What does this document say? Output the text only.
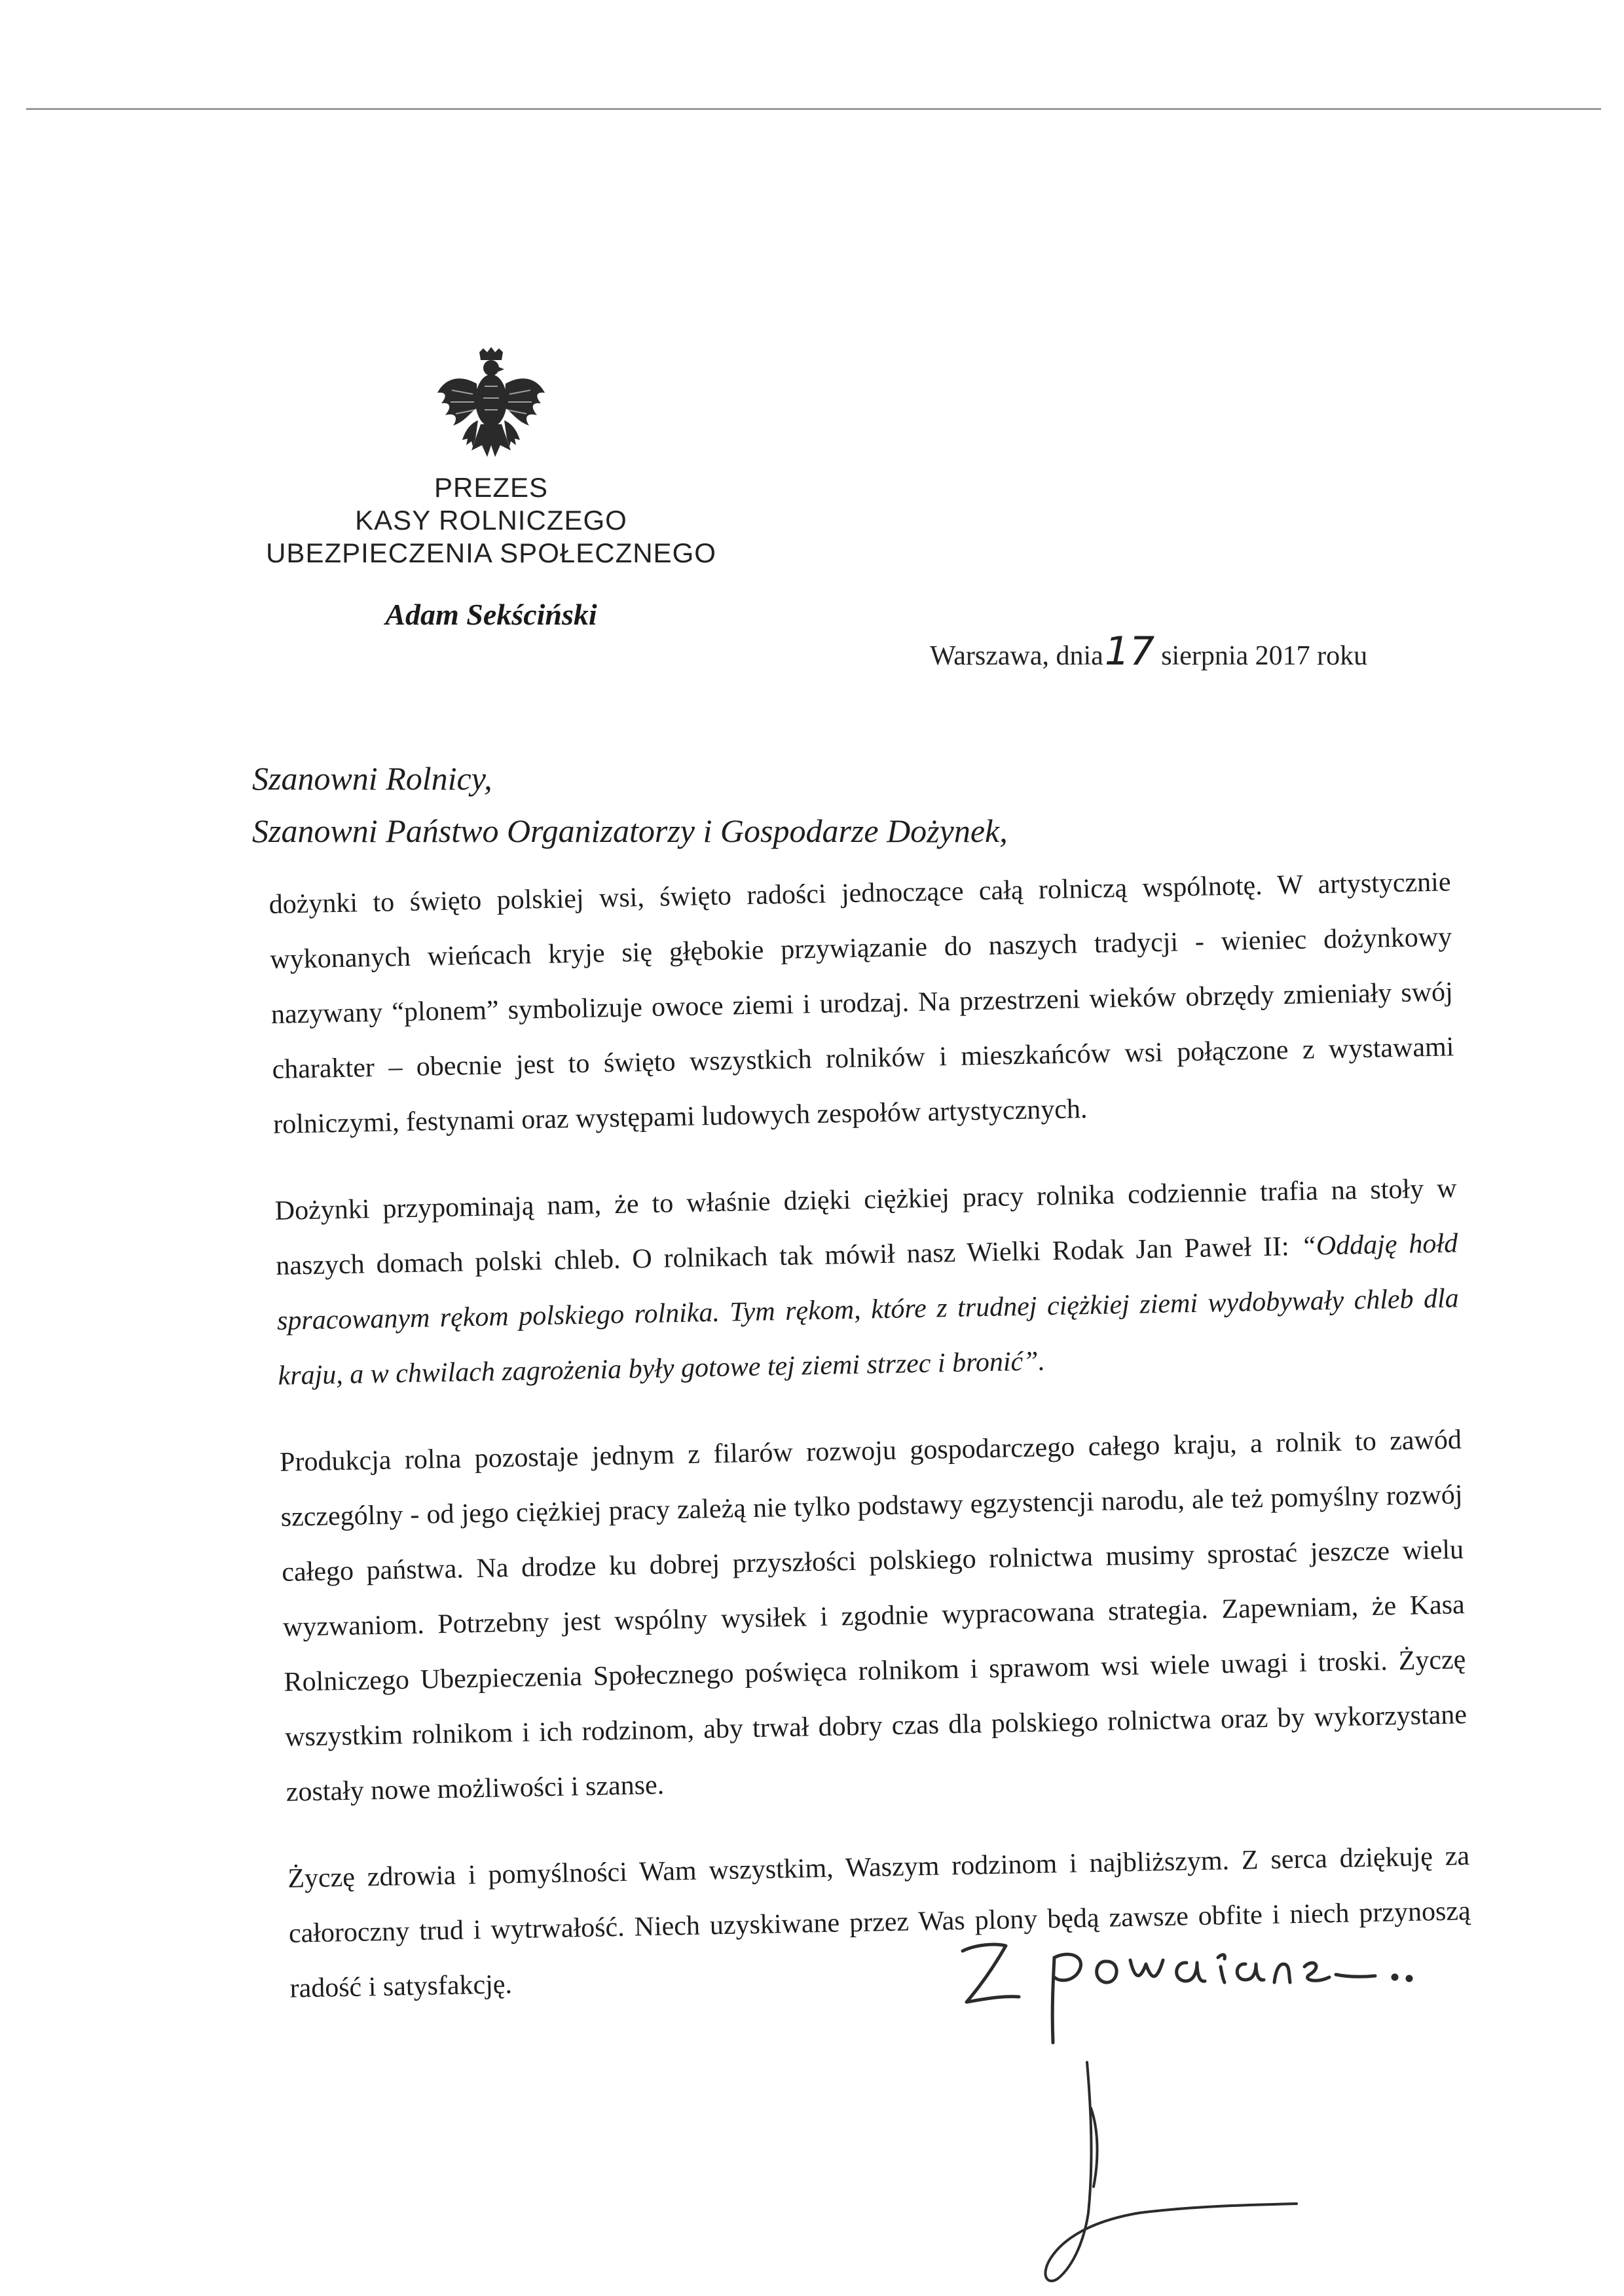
PREZES
KASY ROLNICZEGO
UBEZPIECZENIA SPOŁECZNEGO
Adam Sekściński
Warszawa, dnia17 sierpnia 2017 roku
Szanowni Rolnicy,
Szanowni Państwo Organizatorzy i Gospodarze Dożynek,

dożynki to święto polskiej wsi, święto radości jednoczące całą rolniczą wspólnotę. W artystycznie wykonanych wieńcach kryje się głębokie przywiązanie do naszych tradycji - wieniec dożynkowy nazywany “plonem” symbolizuje owoce ziemi i urodzaj. Na przestrzeni wieków obrzędy zmieniały swój charakter – obecnie jest to święto wszystkich rolników i mieszkańców wsi połączone z wystawami rolniczymi, festynami oraz występami ludowych zespołów artystycznych.

Dożynki przypominają nam, że to właśnie dzięki ciężkiej pracy rolnika codziennie trafia na stoły w naszych domach polski chleb. O rolnikach tak mówił nasz Wielki Rodak Jan Paweł II: “Oddaję hołd spracowanym rękom polskiego rolnika. Tym rękom, które z trudnej ciężkiej ziemi wydobywały chleb dla kraju, a w chwilach zagrożenia były gotowe tej ziemi strzec i bronić”.

Produkcja rolna pozostaje jednym z filarów rozwoju gospodarczego całego kraju, a rolnik to zawód szczególny - od jego ciężkiej pracy zależą nie tylko podstawy egzystencji narodu, ale też pomyślny rozwój całego państwa. Na drodze ku dobrej przyszłości polskiego rolnictwa musimy sprostać jeszcze wielu wyzwaniom. Potrzebny jest wspólny wysiłek i zgodnie wypracowana strategia. Zapewniam, że Kasa Rolniczego Ubezpieczenia Społecznego poświęca rolnikom i sprawom wsi wiele uwagi i troski. Życzę wszystkim rolnikom i ich rodzinom, aby trwał dobry czas dla polskiego rolnictwa oraz by wykorzystane zostały nowe możliwości i szanse.

Życzę zdrowia i pomyślności Wam wszystkim, Waszym rodzinom i najbliższym. Z serca dziękuję za całoroczny trud i wytrwałość. Niech uzyskiwane przez Was plony będą zawsze obfite i niech przynoszą radość i satysfakcję.
